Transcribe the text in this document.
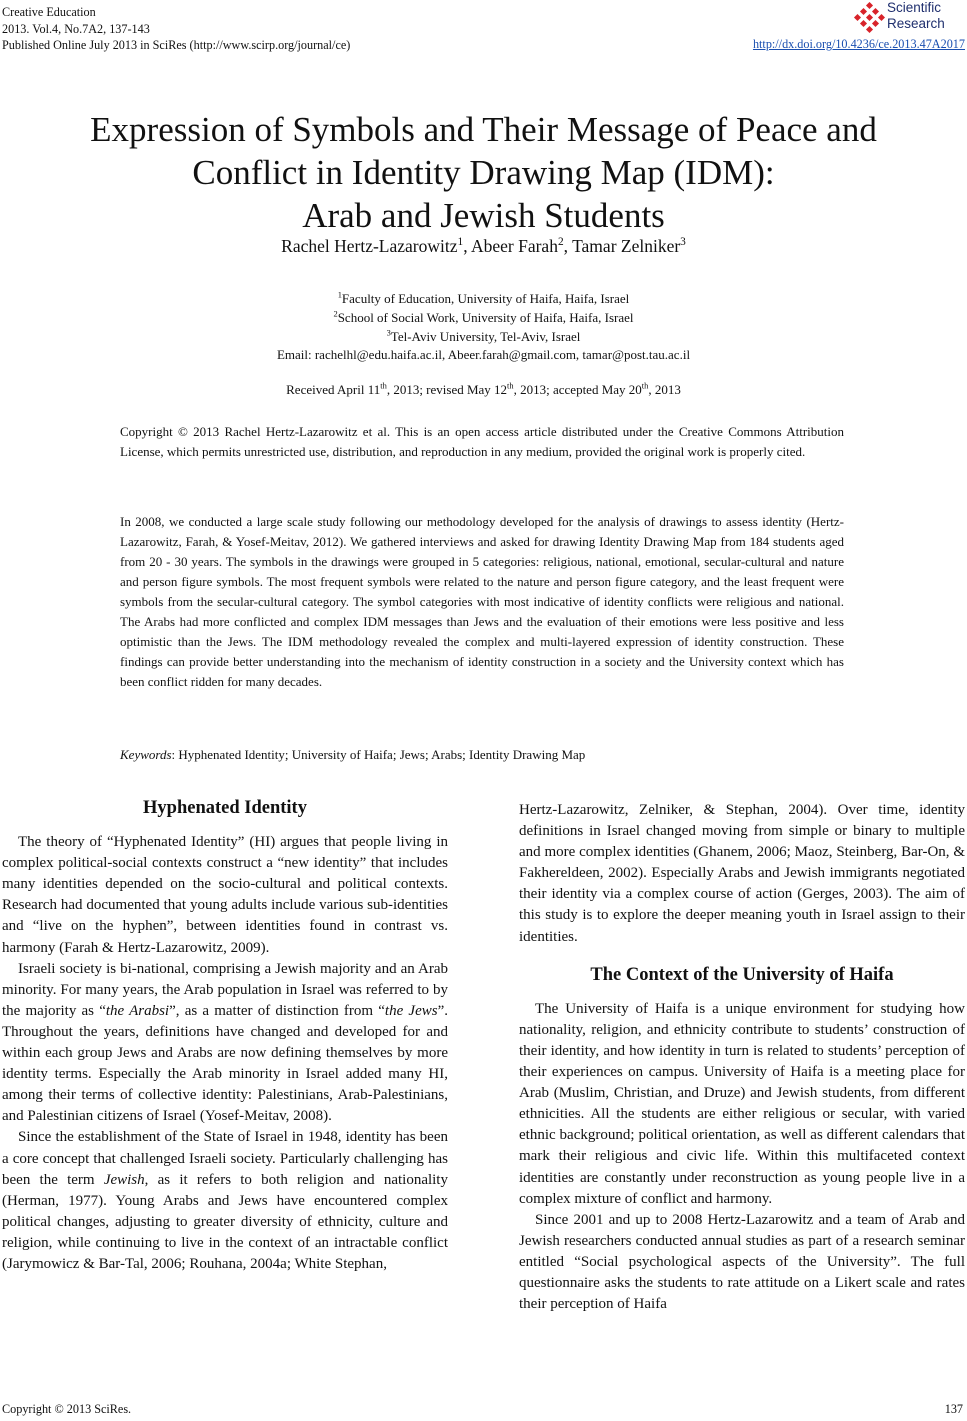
Creative Education
2013. Vol.4, No.7A2, 137-143
Published Online July 2013 in SciRes (http://www.scirp.org/journal/ce)
Scientific
Research
http://dx.doi.org/10.4236/ce.2013.47A2017
Expression of Symbols and Their Message of Peace and
Conflict in Identity Drawing Map (IDM):
Arab and Jewish Students
Rachel Hertz-Lazarowitz$^1$, Abeer Farah$^2$, Tamar Zelniker$^3$
$^1$Faculty of Education, University of Haifa, Haifa, Israel
$^2$School of Social Work, University of Haifa, Haifa, Israel
$^3$Tel-Aviv University, Tel-Aviv, Israel
Email: rachelhl@edu.haifa.ac.il, Abeer.farah@gmail.com, tamar@post.tau.ac.il
Received April 11th, 2013; revised May 12th, 2013; accepted May 20th, 2013

Copyright © 2013 Rachel Hertz-Lazarowitz et al. This is an open access article distributed under the Creative Commons Attribution License, which permits unrestricted use, distribution, and reproduction in any medium, provided the original work is properly cited.

In 2008, we conducted a large scale study following our methodology developed for the analysis of drawings to assess identity (Hertz-Lazarowitz, Farah, & Yosef-Meitav, 2012). We gathered interviews and asked for drawing Identity Drawing Map from 184 students aged from 20 - 30 years. The symbols in the drawings were grouped in 5 categories: religious, national, emotional, secular-cultural and nature and person figure symbols. The most frequent symbols were related to the nature and person figure category, and the least frequent were symbols from the secular-cultural category. The symbol categories with most indicative of identity conflicts were religious and national. The Arabs had more conflicted and complex IDM messages than Jews and the evaluation of their emotions were less positive and less optimistic than the Jews. The IDM methodology revealed the complex and multi-layered expression of identity construction. These findings can provide better understanding into the mechanism of identity construction in a society and the University context which has been conflict ridden for many decades.

Keywords: Hyphenated Identity; University of Haifa; Jews; Arabs; Identity Drawing Map

Hyphenated Identity

The theory of “Hyphenated Identity” (HI) argues that people living in complex political-social contexts construct a “new identity” that includes many identities depended on the socio-cultural and political contexts. Research had documented that young adults include various sub-identities and “live on the hyphen”, between identities found in contrast vs. harmony (Farah & Hertz-Lazarowitz, 2009).

Israeli society is bi-national, comprising a Jewish majority and an Arab minority. For many years, the Arab population in Israel was referred to by the majority as “the Arabsi”, as a matter of distinction from “the Jews”. Throughout the years, definitions have changed and developed for and within each group Jews and Arabs are now defining themselves by more identity terms. Especially the Arab minority in Israel added many HI, among their terms of collective identity: Palestinians, Arab-Palestinians, and Palestinian citizens of Israel (Yosef-Meitav, 2008).

Since the establishment of the State of Israel in 1948, identity has been a core concept that challenged Israeli society. Particularly challenging has been the term Jewish, as it refers to both religion and nationality (Herman, 1977). Young Arabs and Jews have encountered complex political changes, adjusting to greater diversity of ethnicity, culture and religion, while continuing to live in the context of an intractable conflict (Jarymowicz & Bar-Tal, 2006; Rouhana, 2004a; White Stephan,

Hertz-Lazarowitz, Zelniker, & Stephan, 2004). Over time, identity definitions in Israel changed moving from simple or binary to multiple and more complex identities (Ghanem, 2006; Maoz, Steinberg, Bar-On, & Fakhereldeen, 2002). Especially Arabs and Jewish immigrants negotiated their identity via a complex course of action (Gerges, 2003). The aim of this study is to explore the deeper meaning youth in Israel assign to their identities.

The Context of the University of Haifa

The University of Haifa is a unique environment for studying how nationality, religion, and ethnicity contribute to students’ construction of their identity, and how identity in turn is related to students’ perception of their experiences on campus. University of Haifa is a meeting place for Arab (Muslim, Christian, and Druze) and Jewish students, from different ethnicities. All the students are either religious or secular, with varied ethnic background; political orientation, as well as different calendars that mark their religious and civic life. Within this multifaceted context identities are constantly under reconstruction as young people live in a complex mixture of conflict and harmony.

Since 2001 and up to 2008 Hertz-Lazarowitz and a team of Arab and Jewish researchers conducted annual studies as part of a research seminar entitled “Social psychological aspects of the University”. The full questionnaire asks the students to rate attitude on a Likert scale and rates their perception of Haifa

Copyright © 2013 SciRes.	137
